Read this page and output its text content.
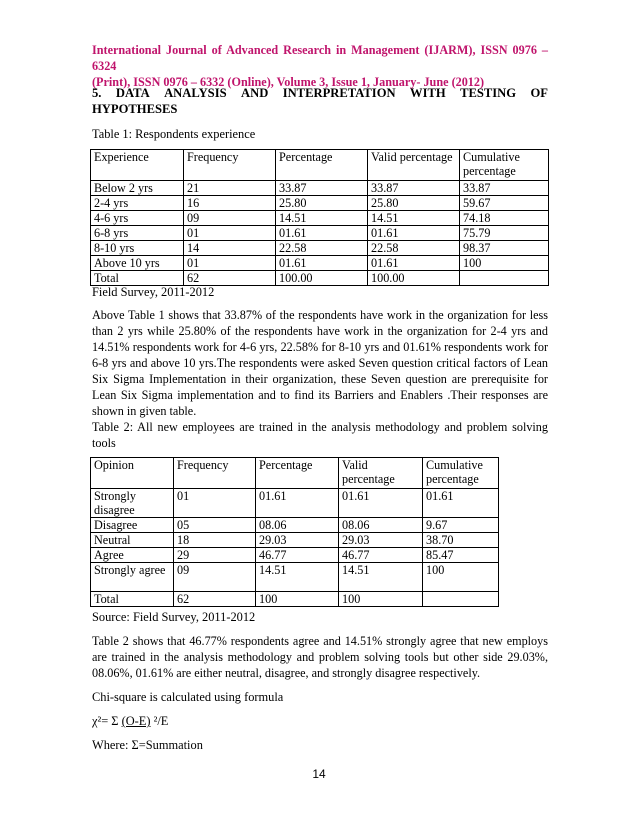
International Journal of Advanced Research in Management (IJARM), ISSN 0976 – 6324
(Print), ISSN 0976 – 6332 (Online), Volume 3, Issue 1, January- June (2012)
5. DATA ANALYSIS AND INTERPRETATION WITH TESTING OF
HYPOTHESES
Table 1: Respondents experience
Experience	Frequency	Percentage	Valid percentage	Cumulative percentage
Below 2 yrs	21	33.87	33.87	33.87
2-4 yrs	16	25.80	25.80	59.67
4-6 yrs	09	14.51	14.51	74.18
6-8 yrs	01	01.61	01.61	75.79
8-10 yrs	14	22.58	22.58	98.37
Above 10 yrs	01	01.61	01.61	100
Total	62	100.00	100.00	
Field Survey, 2011-2012

Above Table 1 shows that 33.87% of the respondents have work in the organization for less than 2 yrs while 25.80% of the respondents have work in the organization for 2-4 yrs and 14.51% respondents work for 4-6 yrs, 22.58% for 8-10 yrs and 01.61% respondents work for 6-8 yrs and above 10 yrs.The respondents were asked Seven question critical factors of Lean Six Sigma Implementation in their organization, these Seven question are prerequisite for Lean Six Sigma implementation and to find its Barriers and Enablers .Their responses are shown in given table.

Table 2: All new employees are trained in the analysis methodology and problem solving tools
Opinion	Frequency	Percentage	Valid percentage	Cumulative percentage
Strongly disagree	01	01.61	01.61	01.61
Disagree	05	08.06	08.06	9.67
Neutral	18	29.03	29.03	38.70
Agree	29	46.77	46.77	85.47
Strongly agree	09	14.51	14.51	100
Total	62	100	100	
Source: Field Survey, 2011-2012

Table 2 shows that 46.77% respondents agree and 14.51% strongly agree that new employs are trained in the analysis methodology and problem solving tools but other side 29.03%, 08.06%, 01.61% are either neutral, disagree, and strongly disagree respectively.

Chi-square is calculated using formula
χ²= Σ (O-E) ²/E
Where: Σ=Summation
14
